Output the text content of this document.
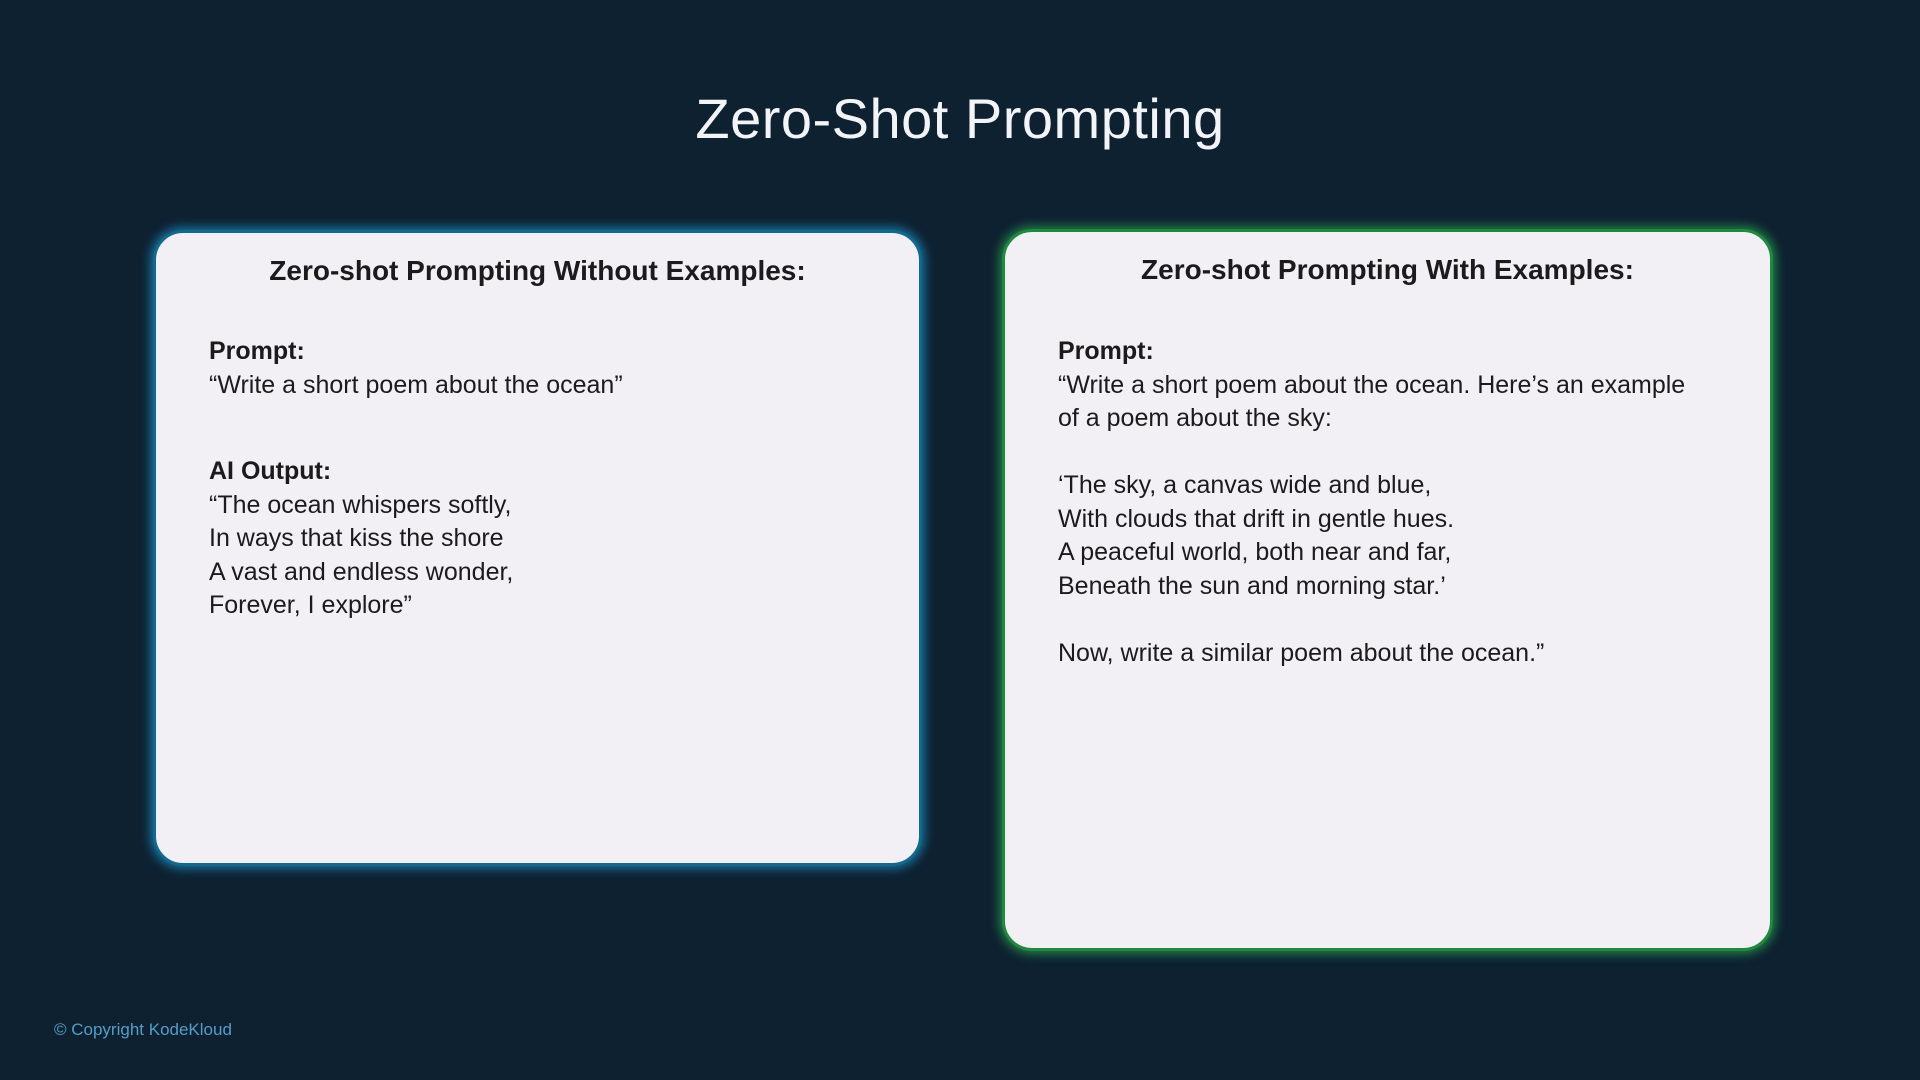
Zero-Shot Prompting
Zero-shot Prompting Without Examples:
Prompt:
“Write a short poem about the ocean”
AI Output:
“The ocean whispers softly,
In ways that kiss the shore
A vast and endless wonder,
Forever, I explore”
Zero-shot Prompting With Examples:
Prompt:
“Write a short poem about the ocean. Here’s an example
of a poem about the sky:
‘The sky, a canvas wide and blue,
With clouds that drift in gentle hues.
A peaceful world, both near and far,
Beneath the sun and morning star.’
Now, write a similar poem about the ocean.”
© Copyright KodeKloud
